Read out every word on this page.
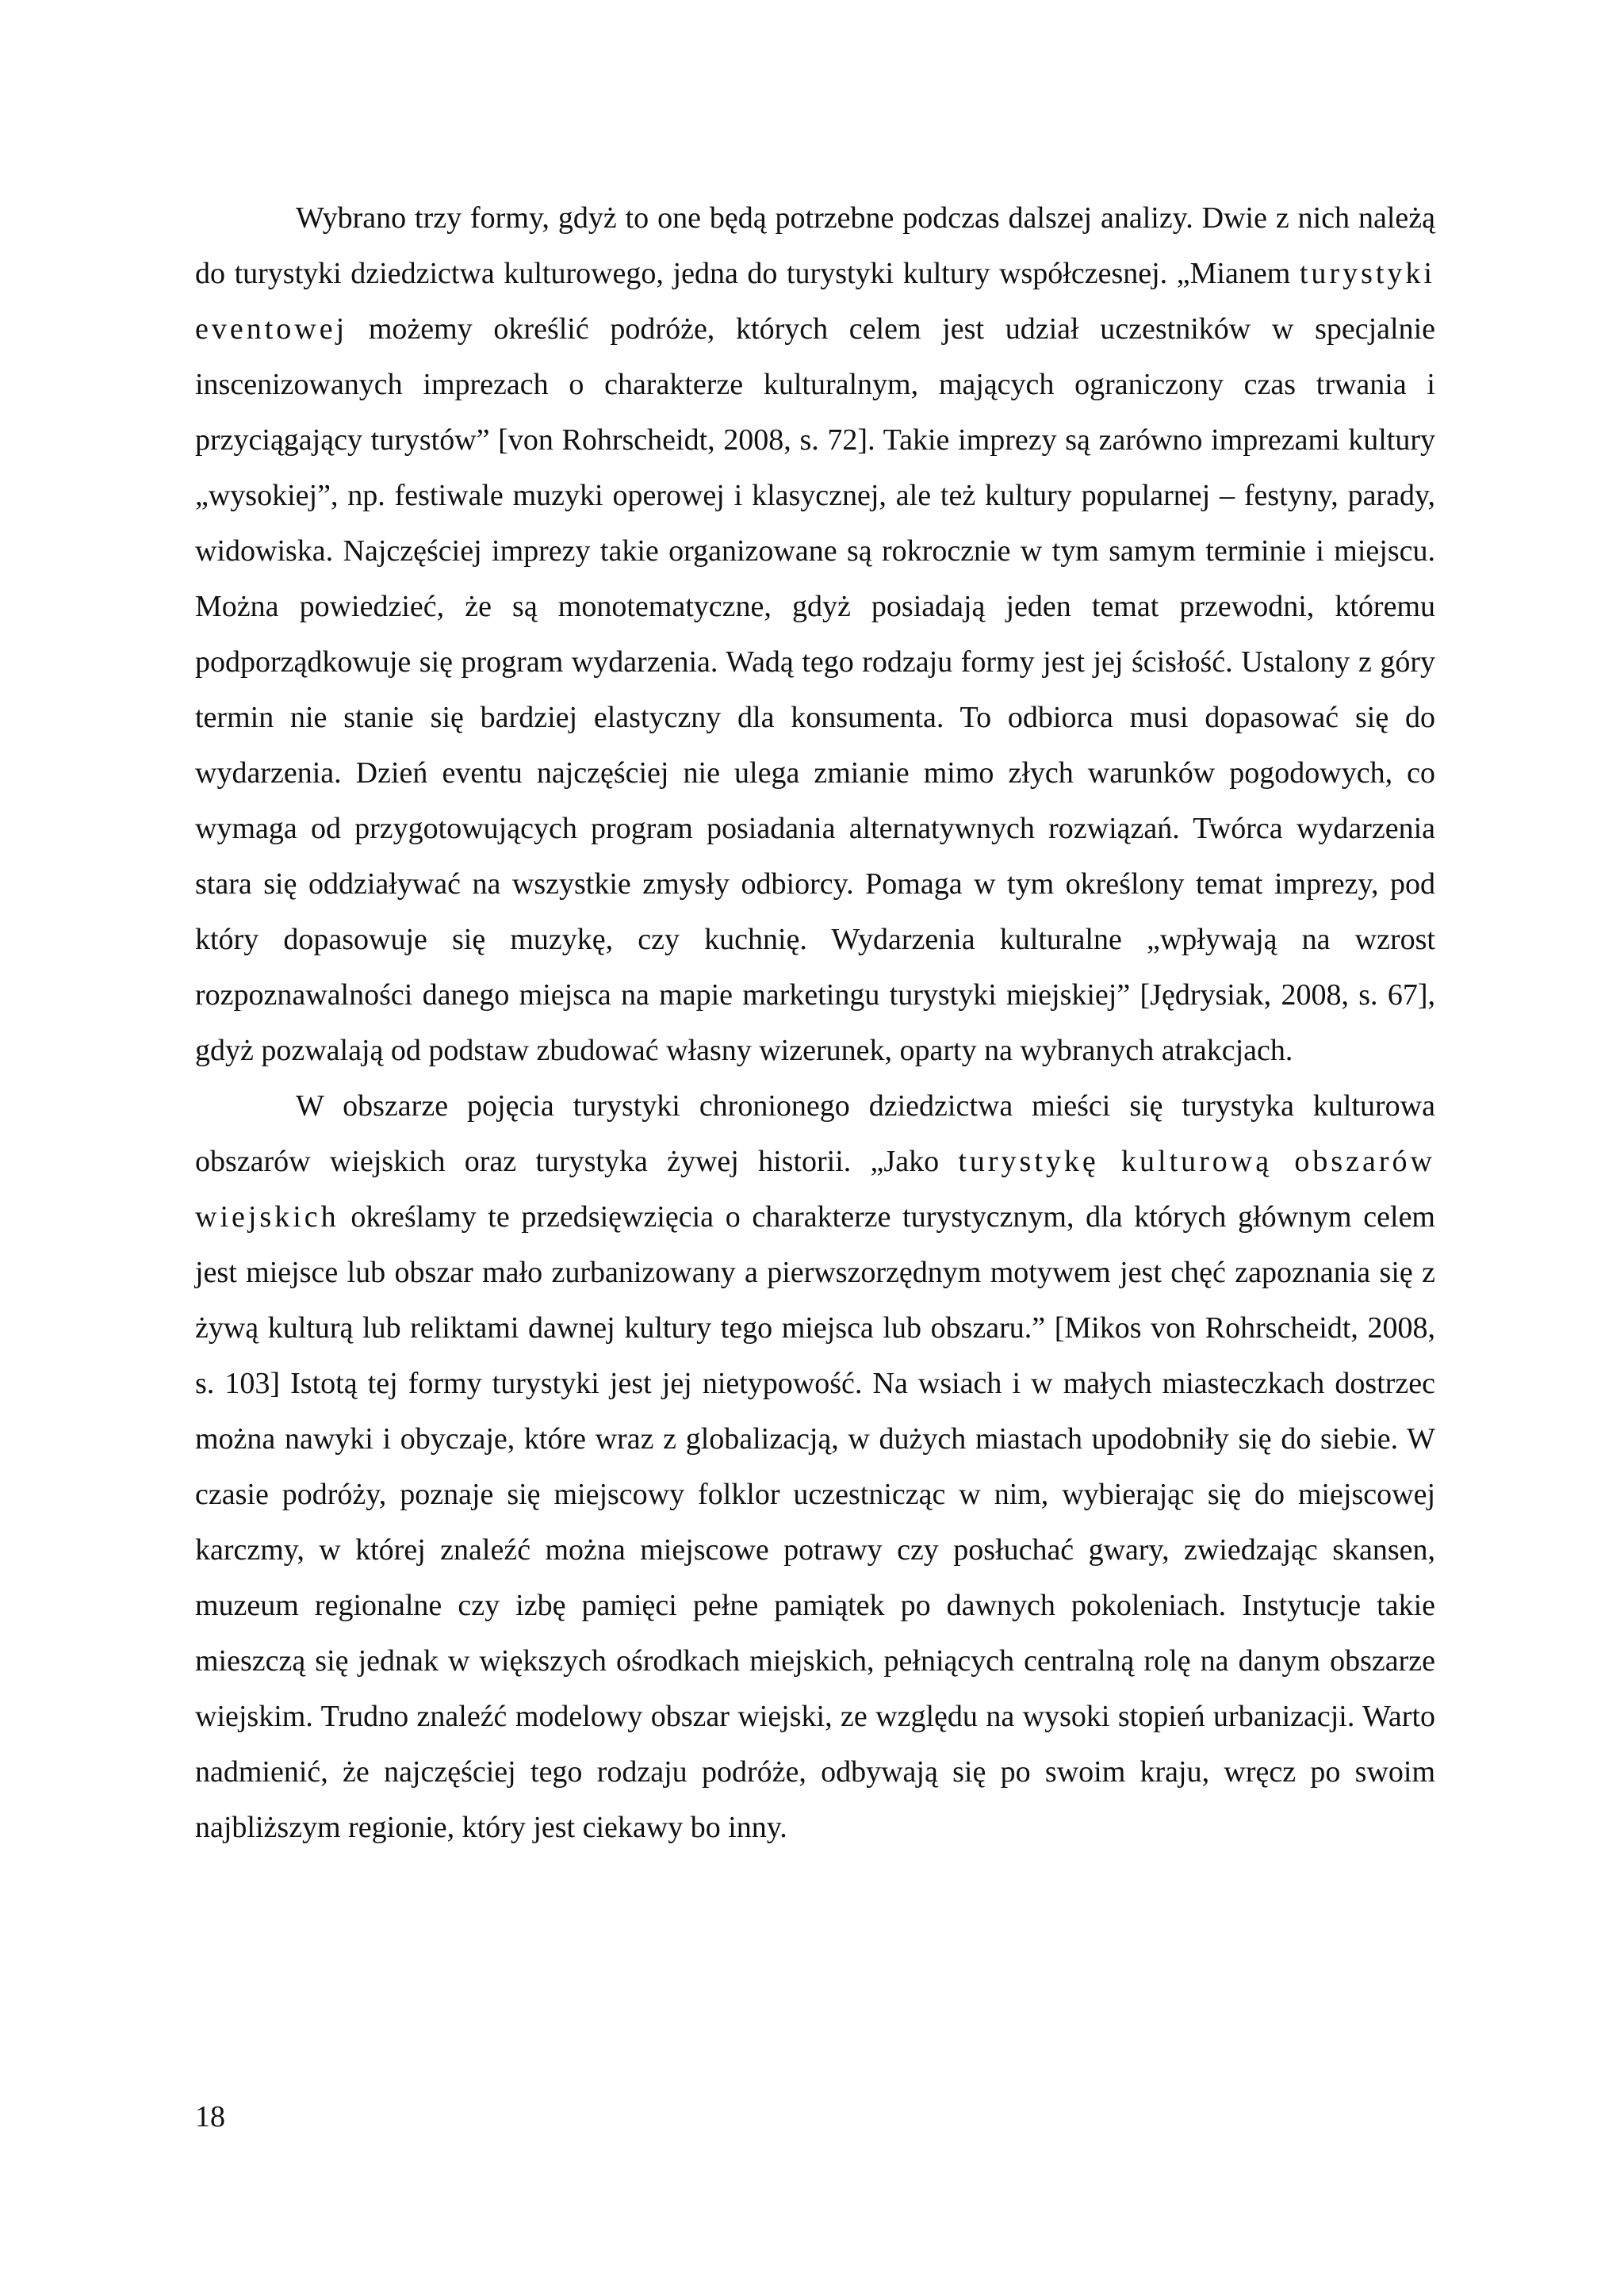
Wybrano trzy formy, gdyż to one będą potrzebne podczas dalszej analizy. Dwie z nich należą do turystyki dziedzictwa kulturowego, jedna do turystyki kultury współczesnej. „Mianem turystyki eventowej możemy określić podróże, których celem jest udział uczestników w specjalnie inscenizowanych imprezach o charakterze kulturalnym, mających ograniczony czas trwania i przyciągający turystów” [von Rohrscheidt, 2008, s. 72]. Takie imprezy są zarówno imprezami kultury „wysokiej”, np. festiwale muzyki operowej i klasycznej, ale też kultury popularnej – festyny, parady, widowiska. Najczęściej imprezy takie organizowane są rokrocznie w tym samym terminie i miejscu. Można powiedzieć, że są monotematyczne, gdyż posiadają jeden temat przewodni, któremu podporządkowuje się program wydarzenia. Wadą tego rodzaju formy jest jej ścisłość. Ustalony z góry termin nie stanie się bardziej elastyczny dla konsumenta. To odbiorca musi dopasować się do wydarzenia. Dzień eventu najczęściej nie ulega zmianie mimo złych warunków pogodowych, co wymaga od przygotowujących program posiadania alternatywnych rozwiązań. Twórca wydarzenia stara się oddziaływać na wszystkie zmysły odbiorcy. Pomaga w tym określony temat imprezy, pod który dopasowuje się muzykę, czy kuchnię. Wydarzenia kulturalne „wpływają na wzrost rozpoznawalności danego miejsca na mapie marketingu turystyki miejskiej” [Jędrysiak, 2008, s. 67], gdyż pozwalają od podstaw zbudować własny wizerunek, oparty na wybranych atrakcjach.

W obszarze pojęcia turystyki chronionego dziedzictwa mieści się turystyka kulturowa obszarów wiejskich oraz turystyka żywej historii. „Jako turystykę kulturową obszarów wiejskich określamy te przedsięwzięcia o charakterze turystycznym, dla których głównym celem jest miejsce lub obszar mało zurbanizowany a pierwszorzędnym motywem jest chęć zapoznania się z żywą kulturą lub reliktami dawnej kultury tego miejsca lub obszaru.” [Mikos von Rohrscheidt, 2008, s. 103] Istotą tej formy turystyki jest jej nietypowość. Na wsiach i w małych miasteczkach dostrzec można nawyki i obyczaje, które wraz z globalizacją, w dużych miastach upodobniły się do siebie. W czasie podróży, poznaje się miejscowy folklor uczestnicząc w nim, wybierając się do miejscowej karczmy, w której znaleźć można miejscowe potrawy czy posłuchać gwary, zwiedzając skansen, muzeum regionalne czy izbę pamięci pełne pamiątek po dawnych pokoleniach. Instytucje takie mieszczą się jednak w większych ośrodkach miejskich, pełniących centralną rolę na danym obszarze wiejskim. Trudno znaleźć modelowy obszar wiejski, ze względu na wysoki stopień urbanizacji. Warto nadmienić, że najczęściej tego rodzaju podróże, odbywają się po swoim kraju, wręcz po swoim najbliższym regionie, który jest ciekawy bo inny.

18
